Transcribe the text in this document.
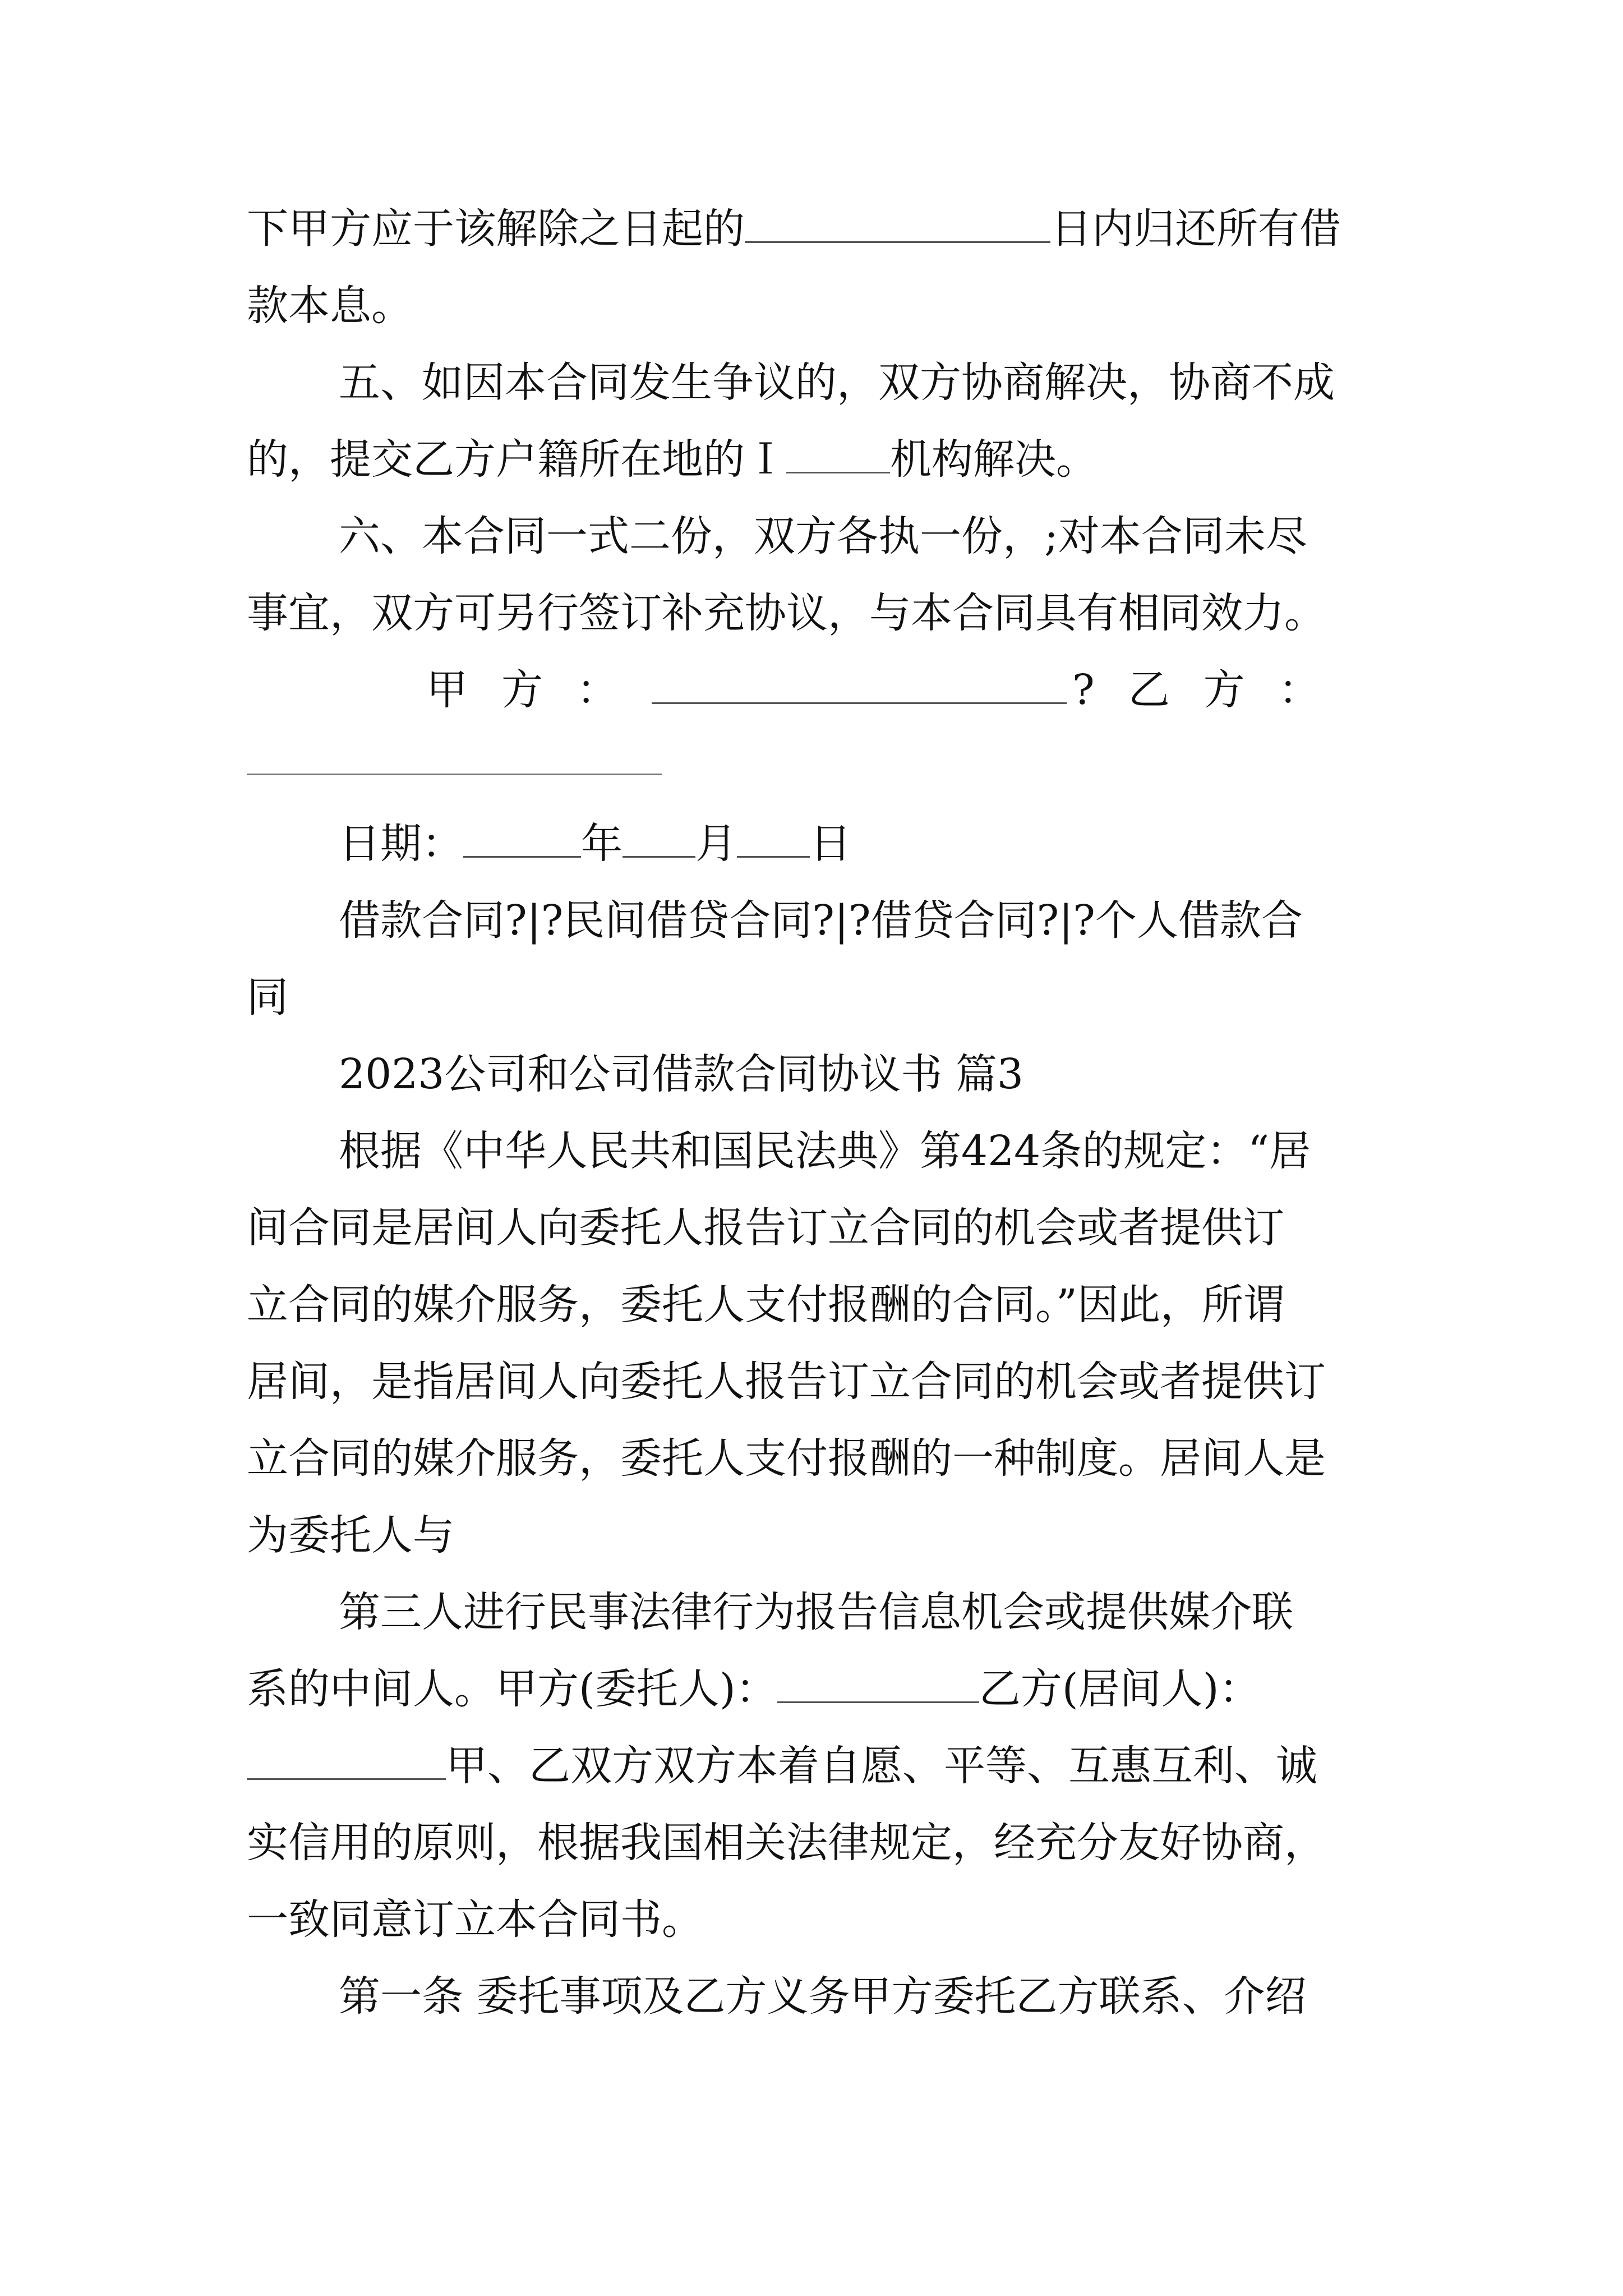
下甲方应于该解除之日起的	日内归还所有借
款本息。
五、如因本合同发生争议的，双方协商解决，协商不成
的，提交乙方户籍所在地的Ｉ	机构解决。
六、本合同一式二份，双方各执一份，;对本合同未尽
事宜，双方可另行签订补充协议，与本合同具有相同效力。
甲方：	? 乙方：
日期：	年 月 日
借款合同?|?民间借贷合同?|?借贷合同?|?个人借款合
同
2023公司和公司借款合同协议书 篇3
根据《中华人民共和国民法典》第424条的规定：“居
间合同是居间人向委托人报告订立合同的机会或者提供订
立合同的媒介服务，委托人支付报酬的合同。”因此，所谓
居间，是指居间人向委托人报告订立合同的机会或者提供订
立合同的媒介服务，委托人支付报酬的一种制度。居间人是
为委托人与
第三人进行民事法律行为报告信息机会或提供媒介联
系的中间人。甲方(委托人)：	乙方(居间人)：
甲、乙双方双方本着自愿、平等、互惠互利、诚
实信用的原则，根据我国相关法律规定，经充分友好协商，
一致同意订立本合同书。
第一条 委托事项及乙方义务甲方委托乙方联系、介绍
